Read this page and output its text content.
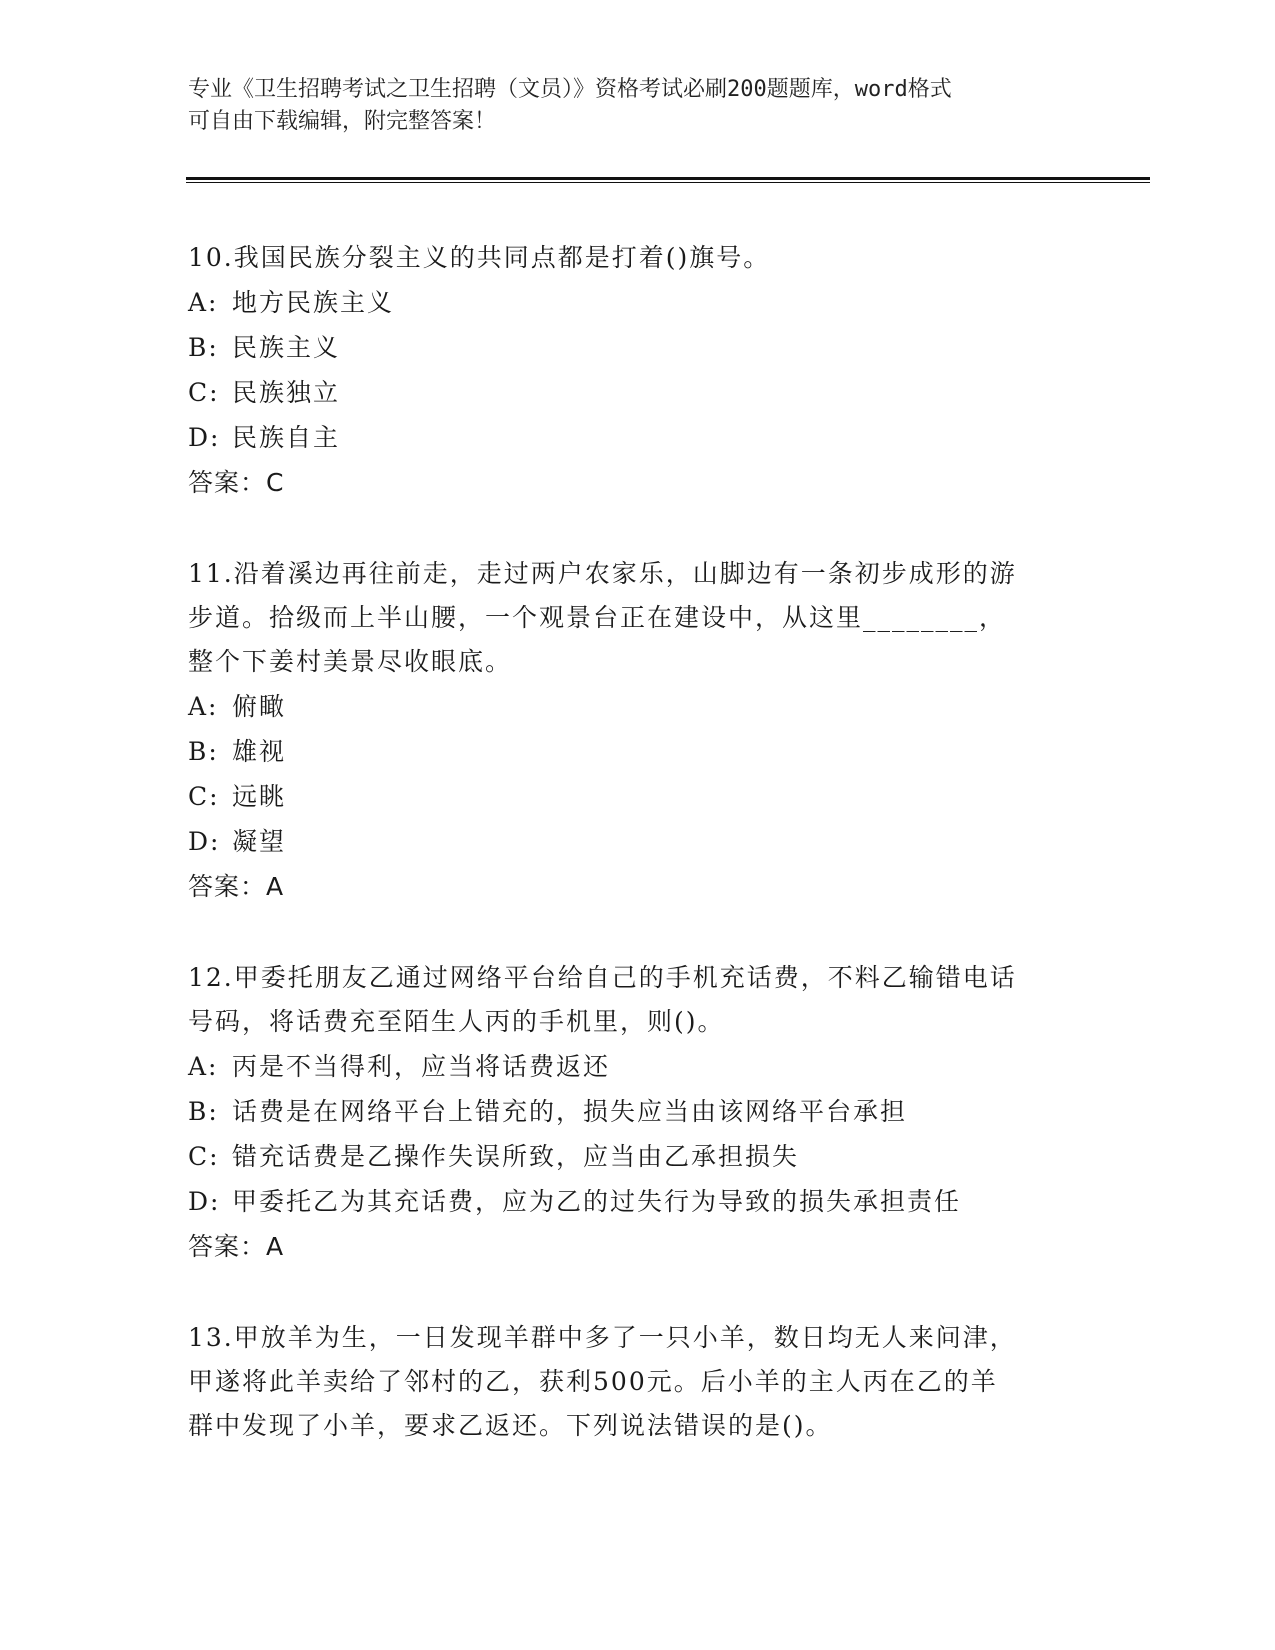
专业《卫生招聘考试之卫生招聘（文员）》资格考试必刷200题题库，word格式
可自由下载编辑，附完整答案！
10.我国民族分裂主义的共同点都是打着()旗号。
A: 地方民族主义
B: 民族主义
C: 民族独立
D: 民族自主
答案：C
11.沿着溪边再往前走，走过两户农家乐，山脚边有一条初步成形的游
步道。拾级而上半山腰，一个观景台正在建设中，从这里________，
整个下姜村美景尽收眼底。
A: 俯瞰
B: 雄视
C: 远眺
D: 凝望
答案：A
12.甲委托朋友乙通过网络平台给自己的手机充话费，不料乙输错电话
号码，将话费充至陌生人丙的手机里，则()。
A: 丙是不当得利，应当将话费返还
B: 话费是在网络平台上错充的，损失应当由该网络平台承担
C: 错充话费是乙操作失误所致，应当由乙承担损失
D: 甲委托乙为其充话费，应为乙的过失行为导致的损失承担责任
答案：A
13.甲放羊为生，一日发现羊群中多了一只小羊，数日均无人来问津，
甲遂将此羊卖给了邻村的乙，获利500元。后小羊的主人丙在乙的羊
群中发现了小羊，要求乙返还。下列说法错误的是()。
